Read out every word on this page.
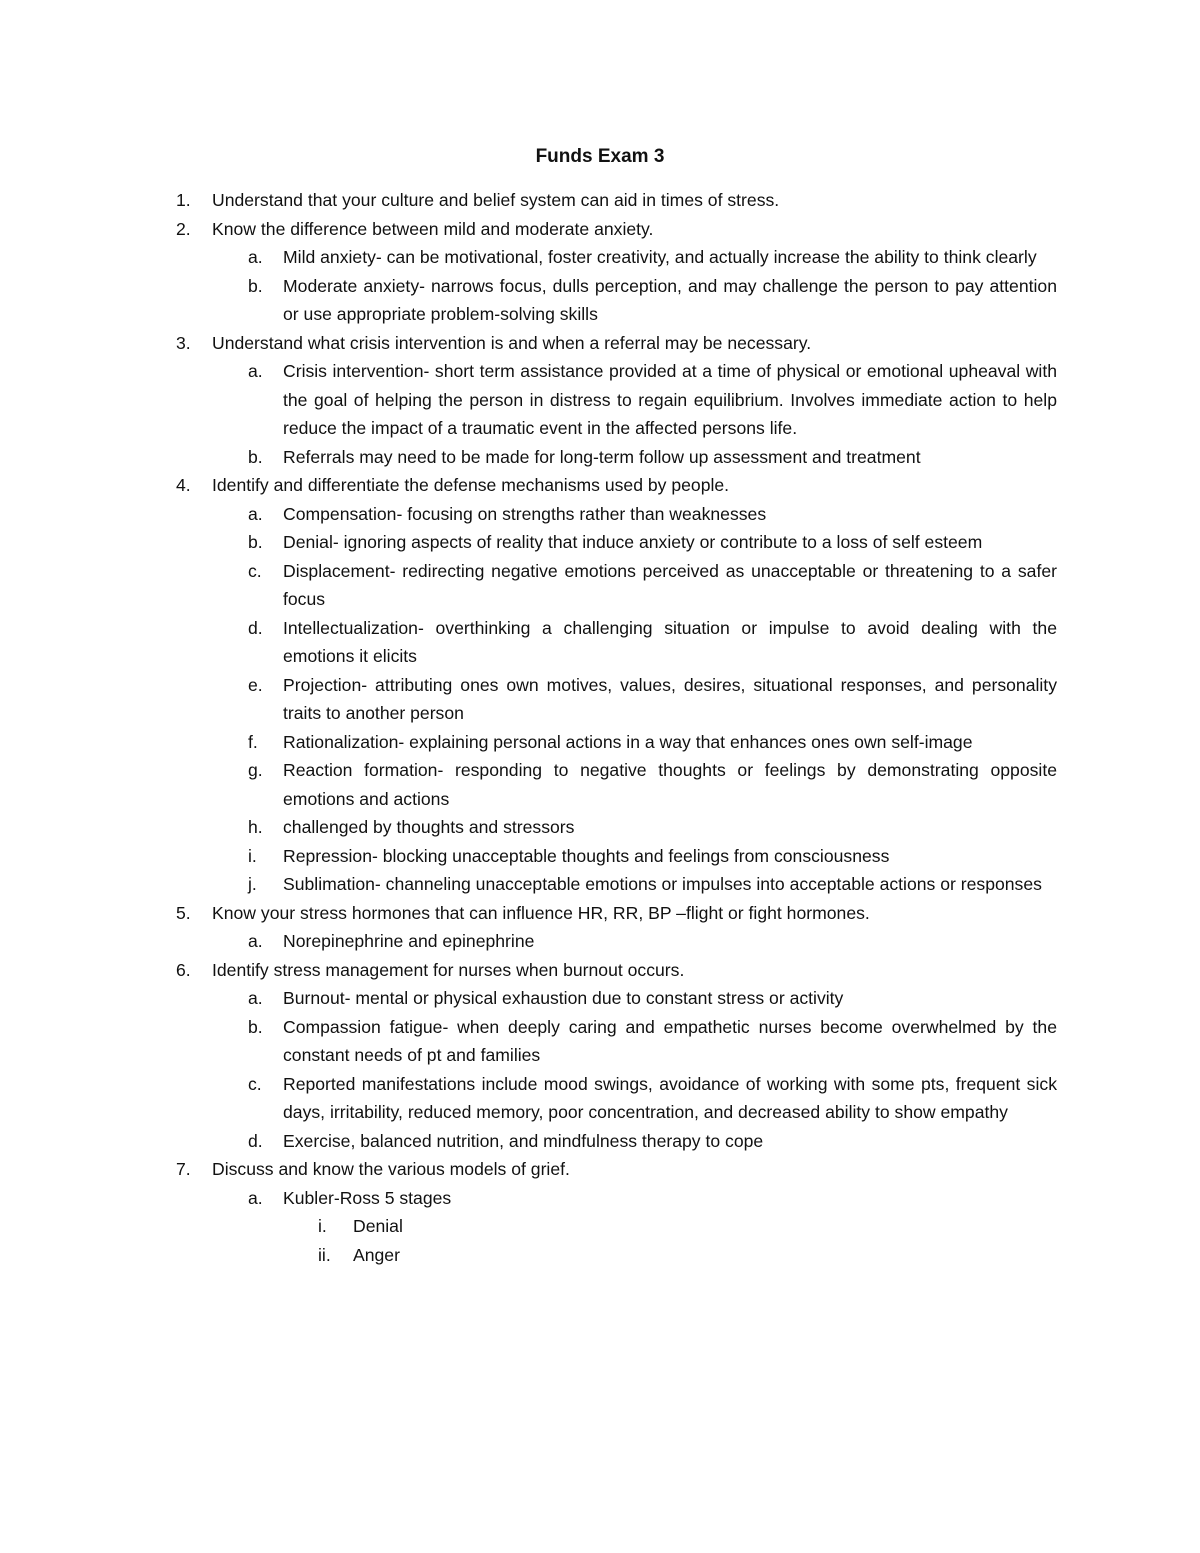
Funds Exam 3
1. Understand that your culture and belief system can aid in times of stress.
2. Know the difference between mild and moderate anxiety.
a. Mild anxiety- can be motivational, foster creativity, and actually increase the ability to think clearly
b. Moderate anxiety- narrows focus, dulls perception, and may challenge the person to pay attention or use appropriate problem-solving skills
3. Understand what crisis intervention is and when a referral may be necessary.
a. Crisis intervention- short term assistance provided at a time of physical or emotional upheaval with the goal of helping the person in distress to regain equilibrium. Involves immediate action to help reduce the impact of a traumatic event in the affected persons life.
b. Referrals may need to be made for long-term follow up assessment and treatment
4. Identify and differentiate the defense mechanisms used by people.
a. Compensation- focusing on strengths rather than weaknesses
b. Denial- ignoring aspects of reality that induce anxiety or contribute to a loss of self esteem
c. Displacement- redirecting negative emotions perceived as unacceptable or threatening to a safer focus
d. Intellectualization- overthinking a challenging situation or impulse to avoid dealing with the emotions it elicits
e. Projection- attributing ones own motives, values, desires, situational responses, and personality traits to another person
f. Rationalization- explaining personal actions in a way that enhances ones own self-image
g. Reaction formation- responding to negative thoughts or feelings by demonstrating opposite emotions and actions
h. challenged by thoughts and stressors
i. Repression- blocking unacceptable thoughts and feelings from consciousness
j. Sublimation- channeling unacceptable emotions or impulses into acceptable actions or responses
5. Know your stress hormones that can influence HR, RR, BP –flight or fight hormones.
a. Norepinephrine and epinephrine
6. Identify stress management for nurses when burnout occurs.
a. Burnout- mental or physical exhaustion due to constant stress or activity
b. Compassion fatigue- when deeply caring and empathetic nurses become overwhelmed by the constant needs of pt and families
c. Reported manifestations include mood swings, avoidance of working with some pts, frequent sick days, irritability, reduced memory, poor concentration, and decreased ability to show empathy
d. Exercise, balanced nutrition, and mindfulness therapy to cope
7. Discuss and know the various models of grief.
a. Kubler-Ross 5 stages
i. Denial
ii. Anger
